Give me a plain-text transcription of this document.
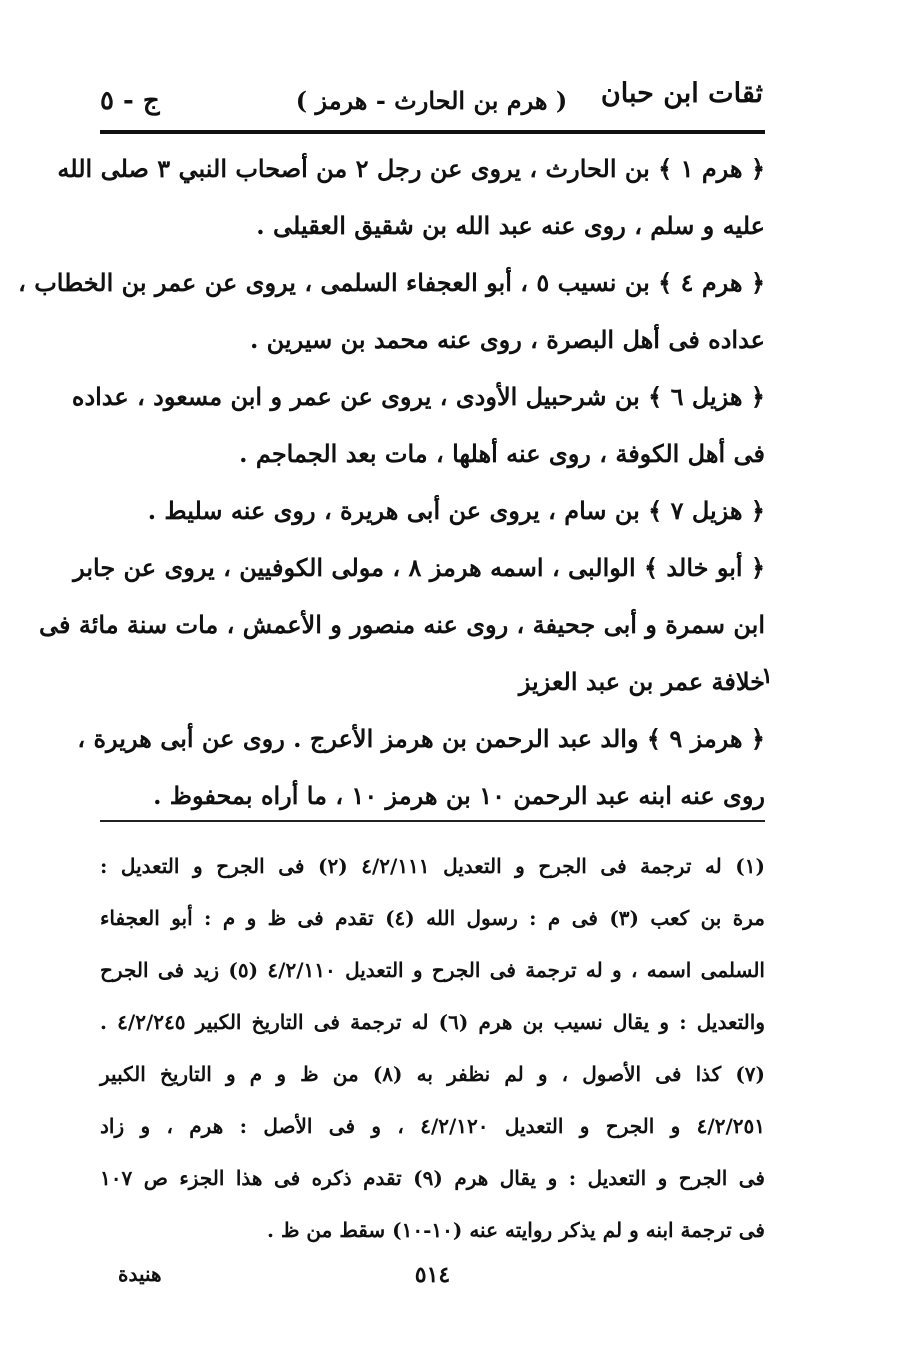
ثقات ابن حبان
( هرم بن الحارث - هرمز )
ج - ٥
﴿ هرم ١ ﴾ بن الحارث ، يروى عن رجل ٢ من أصحاب النبي ٣ صلى الله
عليه و سلم ، روى عنه عبد الله بن شقيق العقيلى .
﴿ هرم ٤ ﴾ بن نسيب ٥ ، أبو العجفاء السلمى ، يروى عن عمر بن الخطاب ،
عداده فى أهل البصرة ، روى عنه محمد بن سيرين .
﴿ هزيل ٦ ﴾ بن شرحبيل الأودى ، يروى عن عمر و ابن مسعود ، عداده
فى أهل الكوفة ، روى عنه أهلها ، مات بعد الجماجم .
﴿ هزيل ٧ ﴾ بن سام ، يروى عن أبى هريرة ، روى عنه سليط .
﴿ أبو خالد ﴾ الوالبى ، اسمه هرمز ٨ ، مولى الكوفيين ، يروى عن جابر
ابن سمرة و أبى جحيفة ، روى عنه منصور و الأعمش ، مات سنة مائة فى
خلافة عمر بن عبد العزيز
﴿ هرمز ٩ ﴾ والد عبد الرحمن بن هرمز الأعرج . روى عن أبى هريرة ،
روى عنه ابنه عبد الرحمن ١٠ بن هرمز ١٠ ، ما أراه بمحفوظ .
١
(١) له ترجمة فى الجرح و التعديل ٤/٢/١١١ (٢) فى الجرح و التعديل :
مرة بن كعب (٣) فى م : رسول الله (٤) تقدم فى ظ و م : أبو العجفاء
السلمى اسمه ، و له ترجمة فى الجرح و التعديل ٤/٢/١١٠ (٥) زيد فى الجرح
والتعديل : و يقال نسيب بن هرم (٦) له ترجمة فى التاريخ الكبير ٤/٢/٢٤٥ .
(٧) كذا فى الأصول ، و لم نظفر به (٨) من ظ و م و التاريخ الكبير
٤/٢/٢٥١ و الجرح و التعديل ٤/٢/١٢٠ ، و فى الأصل : هرم ، و زاد
فى الجرح و التعديل : و يقال هرم (٩) تقدم ذكره فى هذا الجزء ص ١٠٧
فى ترجمة ابنه و لم يذكر روايته عنه (١٠-١٠) سقط من ظ .
٥١٤
هنيدة
